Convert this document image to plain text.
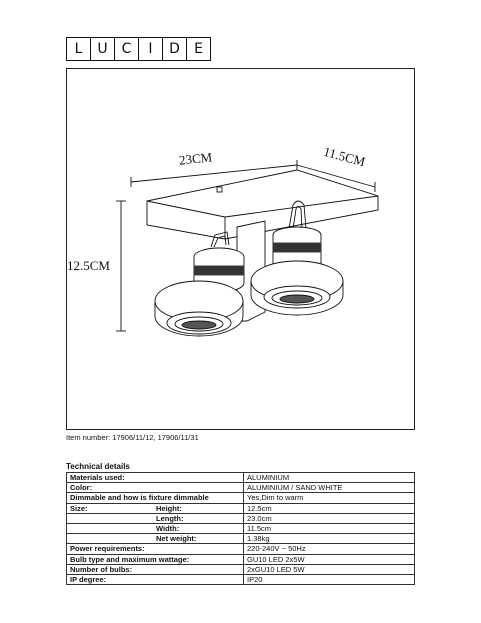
L	U C	I	D	E
23CM	11.5CM
12.5CM
Item number: 17906/11/12, 17906/11/31
Technical details
Materials used:	ALUMINIUM
Color:	ALUMINIUM / SAND WHITE
Dimmable and how is fixture dimmable	Yes,Dim to warm
Size: Height:	12.5cm
Length:	23.0cm
Width:	11.5cm
Net weight:	1.38kg
Power requirements:	220-240V ~ 50Hz
Bulb type and maximum wattage:	GU10 LED 2x5W
Number of bulbs:	2xGU10 LED 5W
IP degree:	IP20
